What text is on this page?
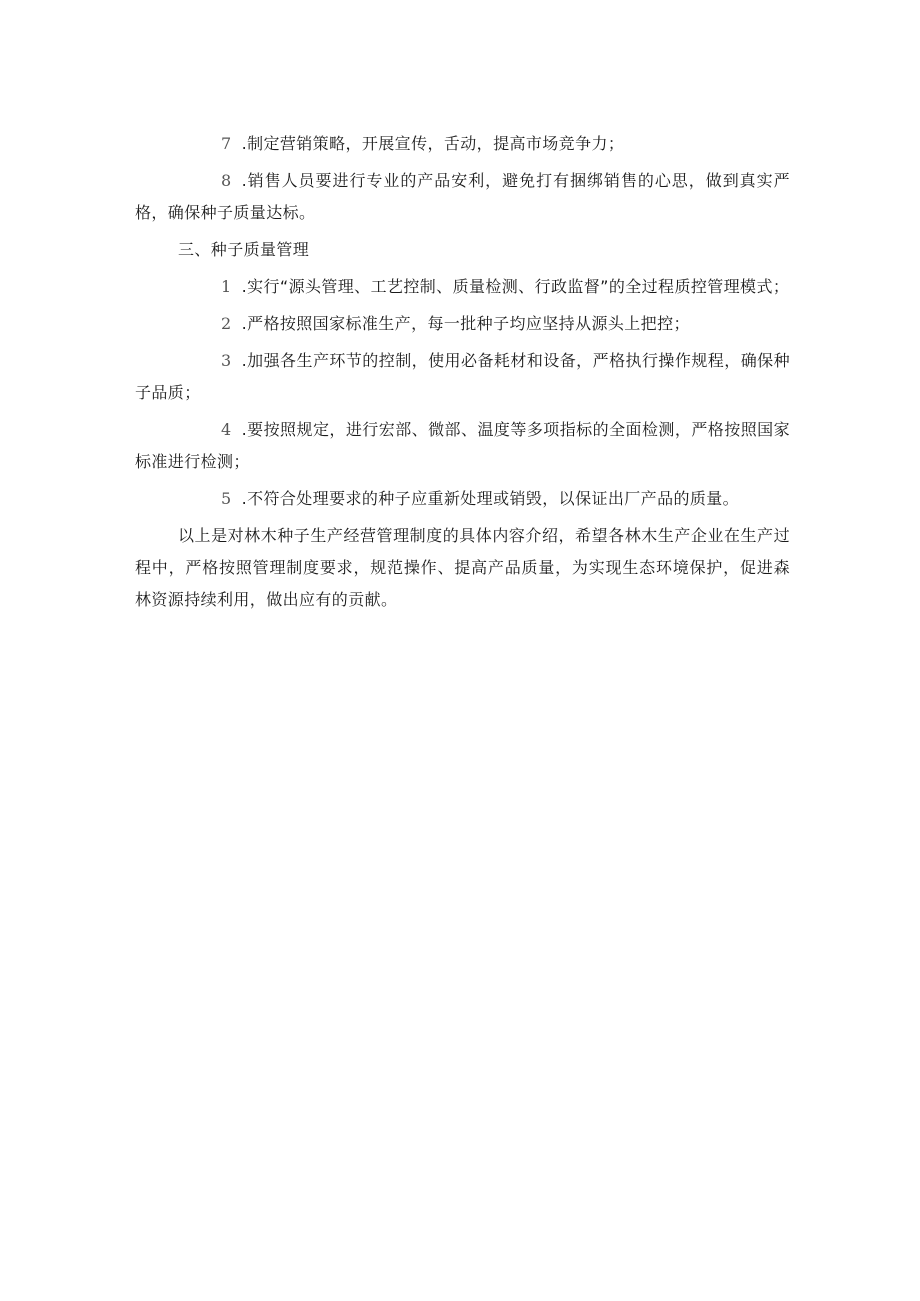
7 .制定营销策略，开展宣传，舌动，提高市场竞争力；

8 .销售人员要进行专业的产品安利，避免打有捆绑销售的心思，做到真实严格，确保种子质量达标。

三、种子质量管理

1 .实行“源头管理、工艺控制、质量检测、行政监督”的全过程质控管理模式；

2 .严格按照国家标准生产，每一批种子均应坚持从源头上把控；

3 .加强各生产环节的控制，使用必备耗材和设备，严格执行操作规程，确保种子品质；

4 .要按照规定，进行宏部、微部、温度等多项指标的全面检测，严格按照国家标准进行检测；

5 .不符合处理要求的种子应重新处理或销毁，以保证出厂产品的质量。

以上是对林木种子生产经营管理制度的具体内容介绍，希望各林木生产企业在生产过程中，严格按照管理制度要求，规范操作、提高产品质量，为实现生态环境保护，促进森林资源持续利用，做出应有的贡献。
